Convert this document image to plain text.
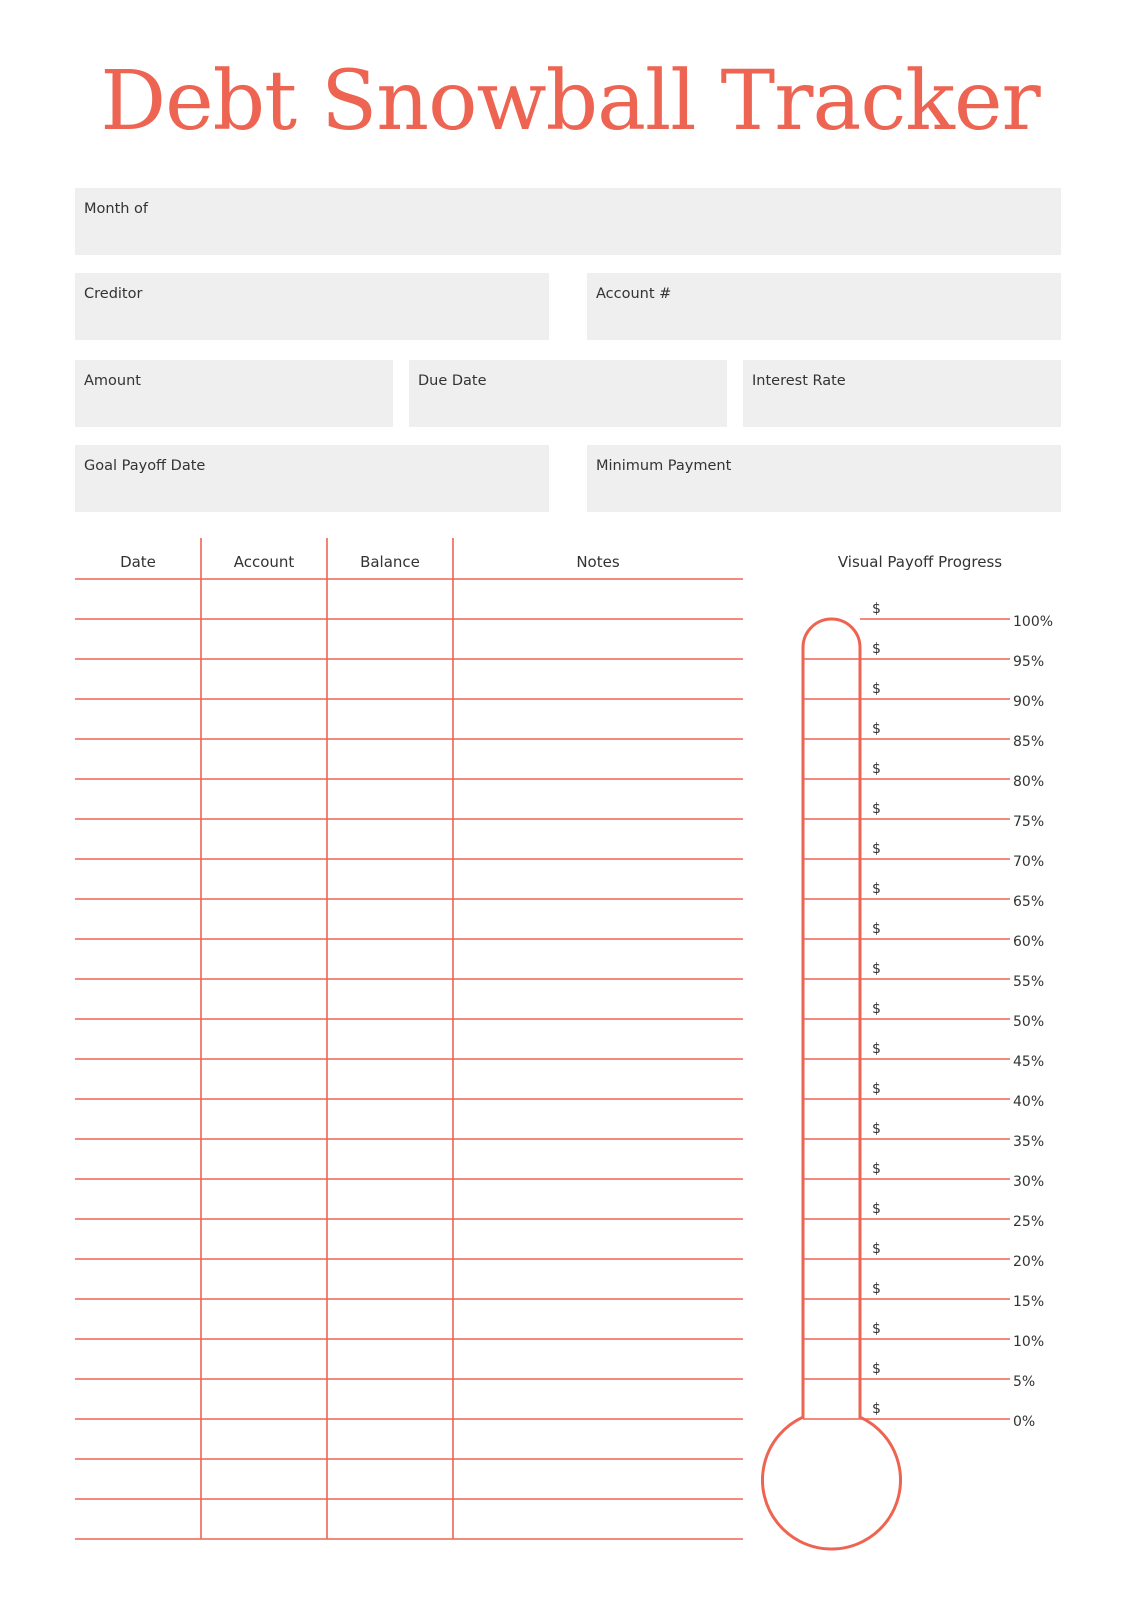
Debt Snowball Tracker
Month of
Creditor	Account #
Amount	Due Date	Interest Rate
Goal Payoff Date	Minimum Payment
Date	Account	Balance	Notes	Visual Payoff Progress
$
100%
$
95%
$
90%
$
85%
$
80%
$
75%
$
70%
$
65%
$
60%
$
55%
$
50%
$
45%
$
40%
$
35%
$
30%
$
25%
$
20%
$
15%
$
10%
$
5%
$
0%
